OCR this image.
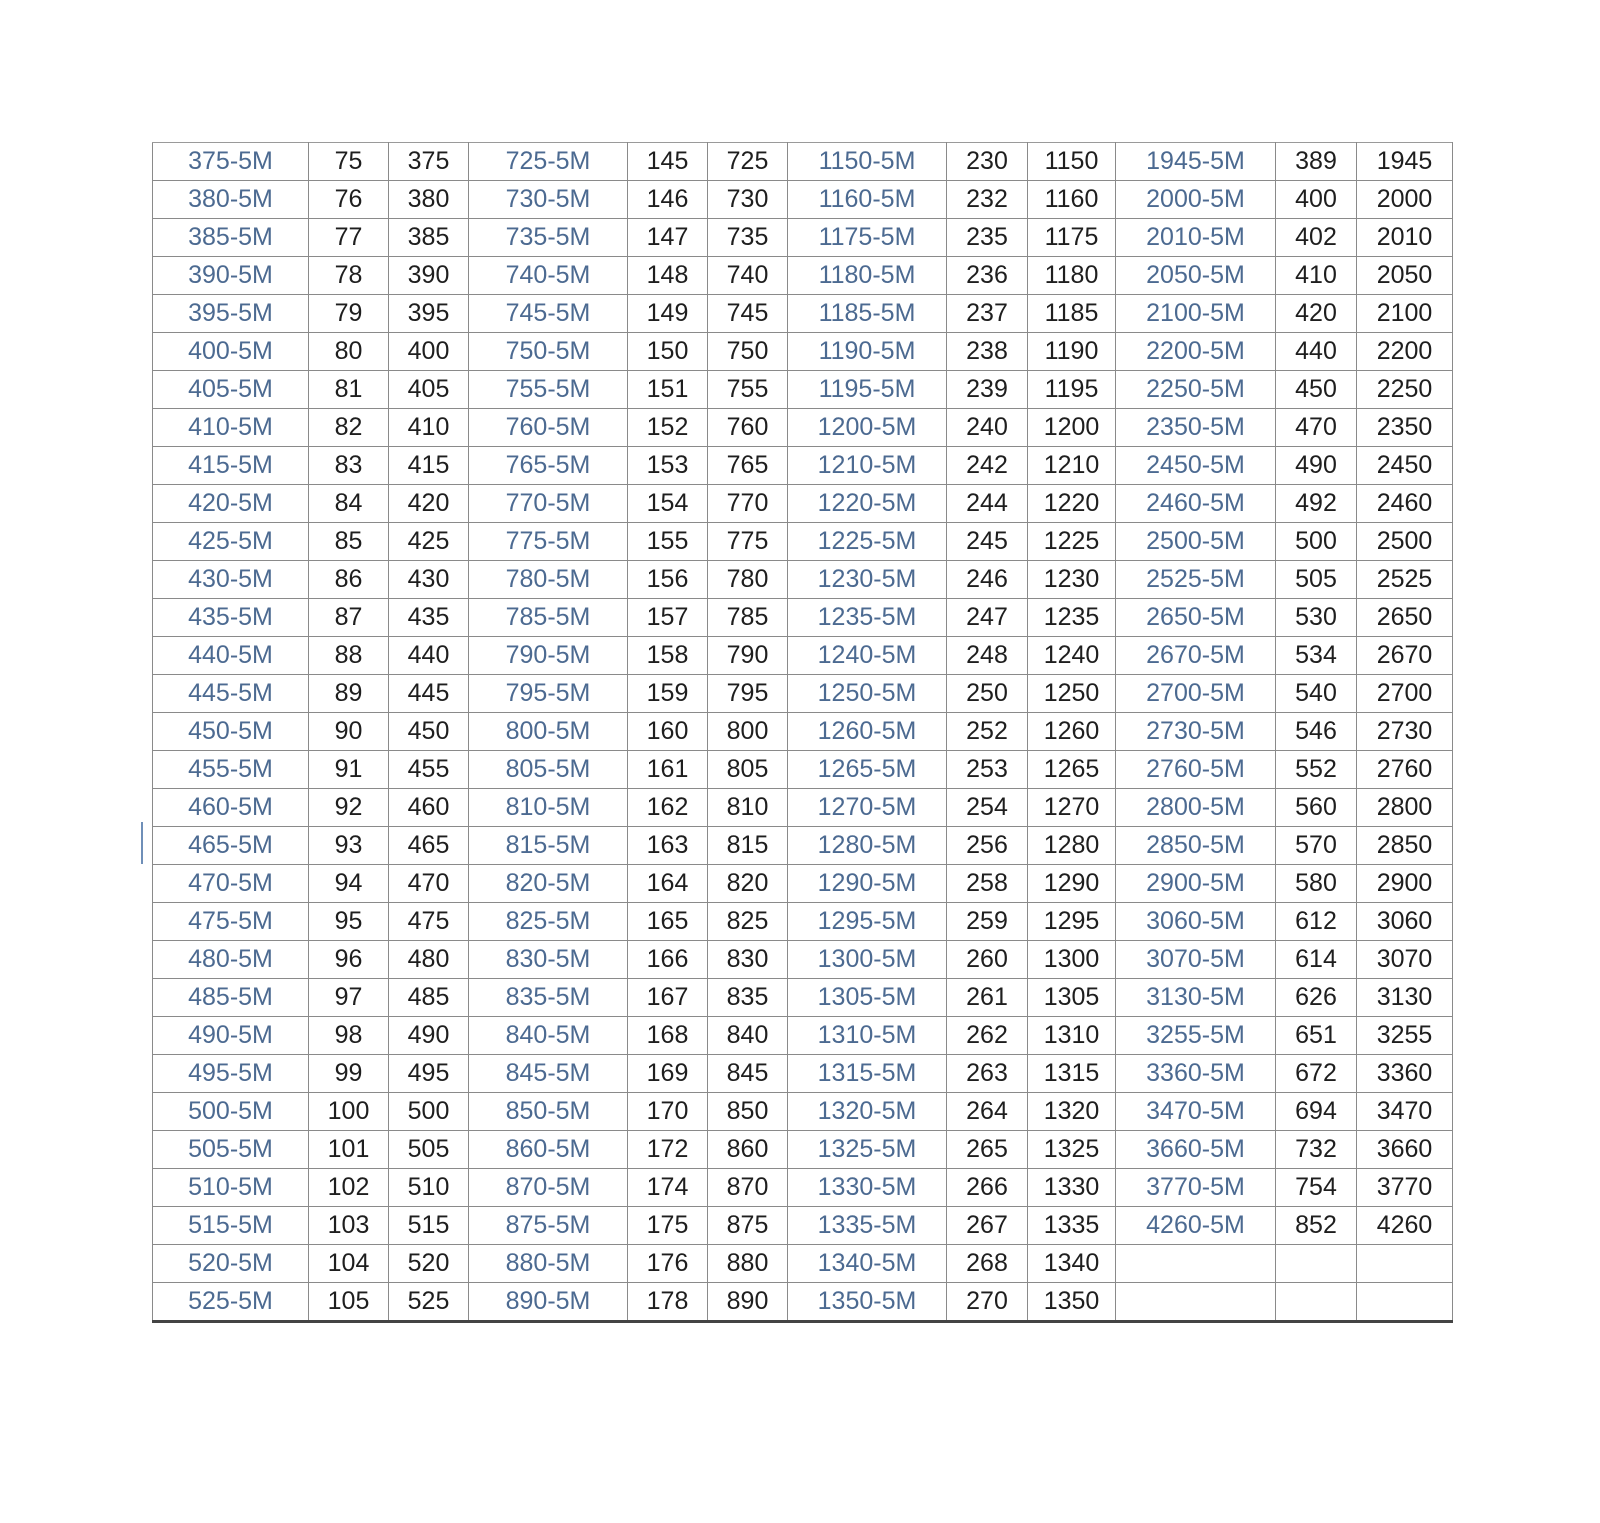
375-5M	75	375	725-5M	145	725	1150-5M	230	1150	1945-5M	389	1945
380-5M	76	380	730-5M	146	730	1160-5M	232	1160	2000-5M	400	2000
385-5M	77	385	735-5M	147	735	1175-5M	235	1175	2010-5M	402	2010
390-5M	78	390	740-5M	148	740	1180-5M	236	1180	2050-5M	410	2050
395-5M	79	395	745-5M	149	745	1185-5M	237	1185	2100-5M	420	2100
400-5M	80	400	750-5M	150	750	1190-5M	238	1190	2200-5M	440	2200
405-5M	81	405	755-5M	151	755	1195-5M	239	1195	2250-5M	450	2250
410-5M	82	410	760-5M	152	760	1200-5M	240	1200	2350-5M	470	2350
415-5M	83	415	765-5M	153	765	1210-5M	242	1210	2450-5M	490	2450
420-5M	84	420	770-5M	154	770	1220-5M	244	1220	2460-5M	492	2460
425-5M	85	425	775-5M	155	775	1225-5M	245	1225	2500-5M	500	2500
430-5M	86	430	780-5M	156	780	1230-5M	246	1230	2525-5M	505	2525
435-5M	87	435	785-5M	157	785	1235-5M	247	1235	2650-5M	530	2650
440-5M	88	440	790-5M	158	790	1240-5M	248	1240	2670-5M	534	2670
445-5M	89	445	795-5M	159	795	1250-5M	250	1250	2700-5M	540	2700
450-5M	90	450	800-5M	160	800	1260-5M	252	1260	2730-5M	546	2730
455-5M	91	455	805-5M	161	805	1265-5M	253	1265	2760-5M	552	2760
460-5M	92	460	810-5M	162	810	1270-5M	254	1270	2800-5M	560	2800
465-5M	93	465	815-5M	163	815	1280-5M	256	1280	2850-5M	570	2850
470-5M	94	470	820-5M	164	820	1290-5M	258	1290	2900-5M	580	2900
475-5M	95	475	825-5M	165	825	1295-5M	259	1295	3060-5M	612	3060
480-5M	96	480	830-5M	166	830	1300-5M	260	1300	3070-5M	614	3070
485-5M	97	485	835-5M	167	835	1305-5M	261	1305	3130-5M	626	3130
490-5M	98	490	840-5M	168	840	1310-5M	262	1310	3255-5M	651	3255
495-5M	99	495	845-5M	169	845	1315-5M	263	1315	3360-5M	672	3360
500-5M	100	500	850-5M	170	850	1320-5M	264	1320	3470-5M	694	3470
505-5M	101	505	860-5M	172	860	1325-5M	265	1325	3660-5M	732	3660
510-5M	102	510	870-5M	174	870	1330-5M	266	1330	3770-5M	754	3770
515-5M	103	515	875-5M	175	875	1335-5M	267	1335	4260-5M	852	4260
520-5M	104	520	880-5M	176	880	1340-5M	268	1340			
525-5M	105	525	890-5M	178	890	1350-5M	270	1350			
